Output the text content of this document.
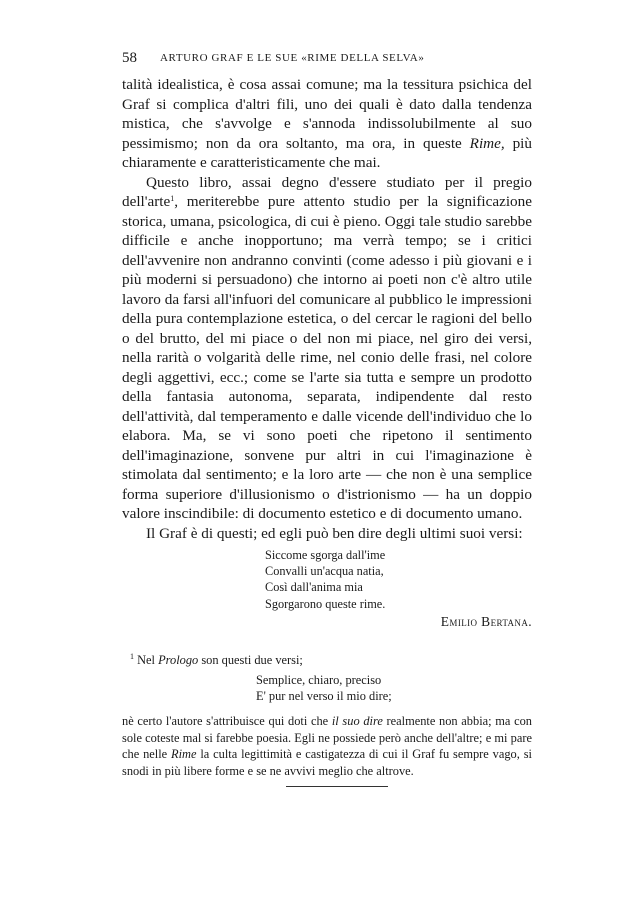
58 ARTURO GRAF E LE SUE «RIME DELLA SELVA»

talità idealistica, è cosa assai comune; ma la tessitura psichica del Graf si complica d'altri fili, uno dei quali è dato dalla tendenza mistica, che s'avvolge e s'annoda indissolubilmente al suo pessimismo; non da ora soltanto, ma ora, in queste Rime, più chiaramente e caratteristicamente che mai.

Questo libro, assai degno d'essere studiato per il pregio dell'arte$^1$, meriterebbe pure attento studio per la significazione storica, umana, psicologica, di cui è pieno. Oggi tale studio sarebbe difficile e anche inopportuno; ma verrà tempo; se i critici dell'avvenire non andranno convinti (come adesso i più giovani e i più moderni si persuadono) che intorno ai poeti non c'è altro utile lavoro da farsi all'infuori del comunicare al pubblico le impressioni della pura contemplazione estetica, o del cercar le ragioni del bello o del brutto, del mi piace o del non mi piace, nel giro dei versi, nella rarità o volgarità delle rime, nel conio delle frasi, nel colore degli aggettivi, ecc.; come se l'arte sia tutta e sempre un prodotto della fantasia autonoma, separata, indipendente dal resto dell'attività, dal temperamento e dalle vicende dell'individuo che lo elabora. Ma, se vi sono poeti che ripetono il sentimento dell'imaginazione, sonvene pur altri in cui l'imaginazione è stimolata dal sentimento; e la loro arte — che non è una semplice forma superiore d'illusionismo o d'istrionismo — ha un doppio valore inscindibile: di documento estetico e di documento umano.

Il Graf è di questi; ed egli può ben dire degli ultimi suoi versi:

Siccome sgorga dall'ime
Convalli un'acqua natia,
Così dall'anima mia
Sgorgarono queste rime.
Emilio Bertana.

$^1$ Nel Prologo son questi due versi;

Semplice, chiaro, preciso
E' pur nel verso il mio dire;

nè certo l'autore s'attribuisce qui doti che il suo dire realmente non abbia; ma con sole coteste mal si farebbe poesia. Egli ne possiede però anche dell'altre; e mi pare che nelle Rime la culta legittimità e castigatezza di cui il Graf fu sempre vago, si snodi in più libere forme e se ne avvivi meglio che altrove.
